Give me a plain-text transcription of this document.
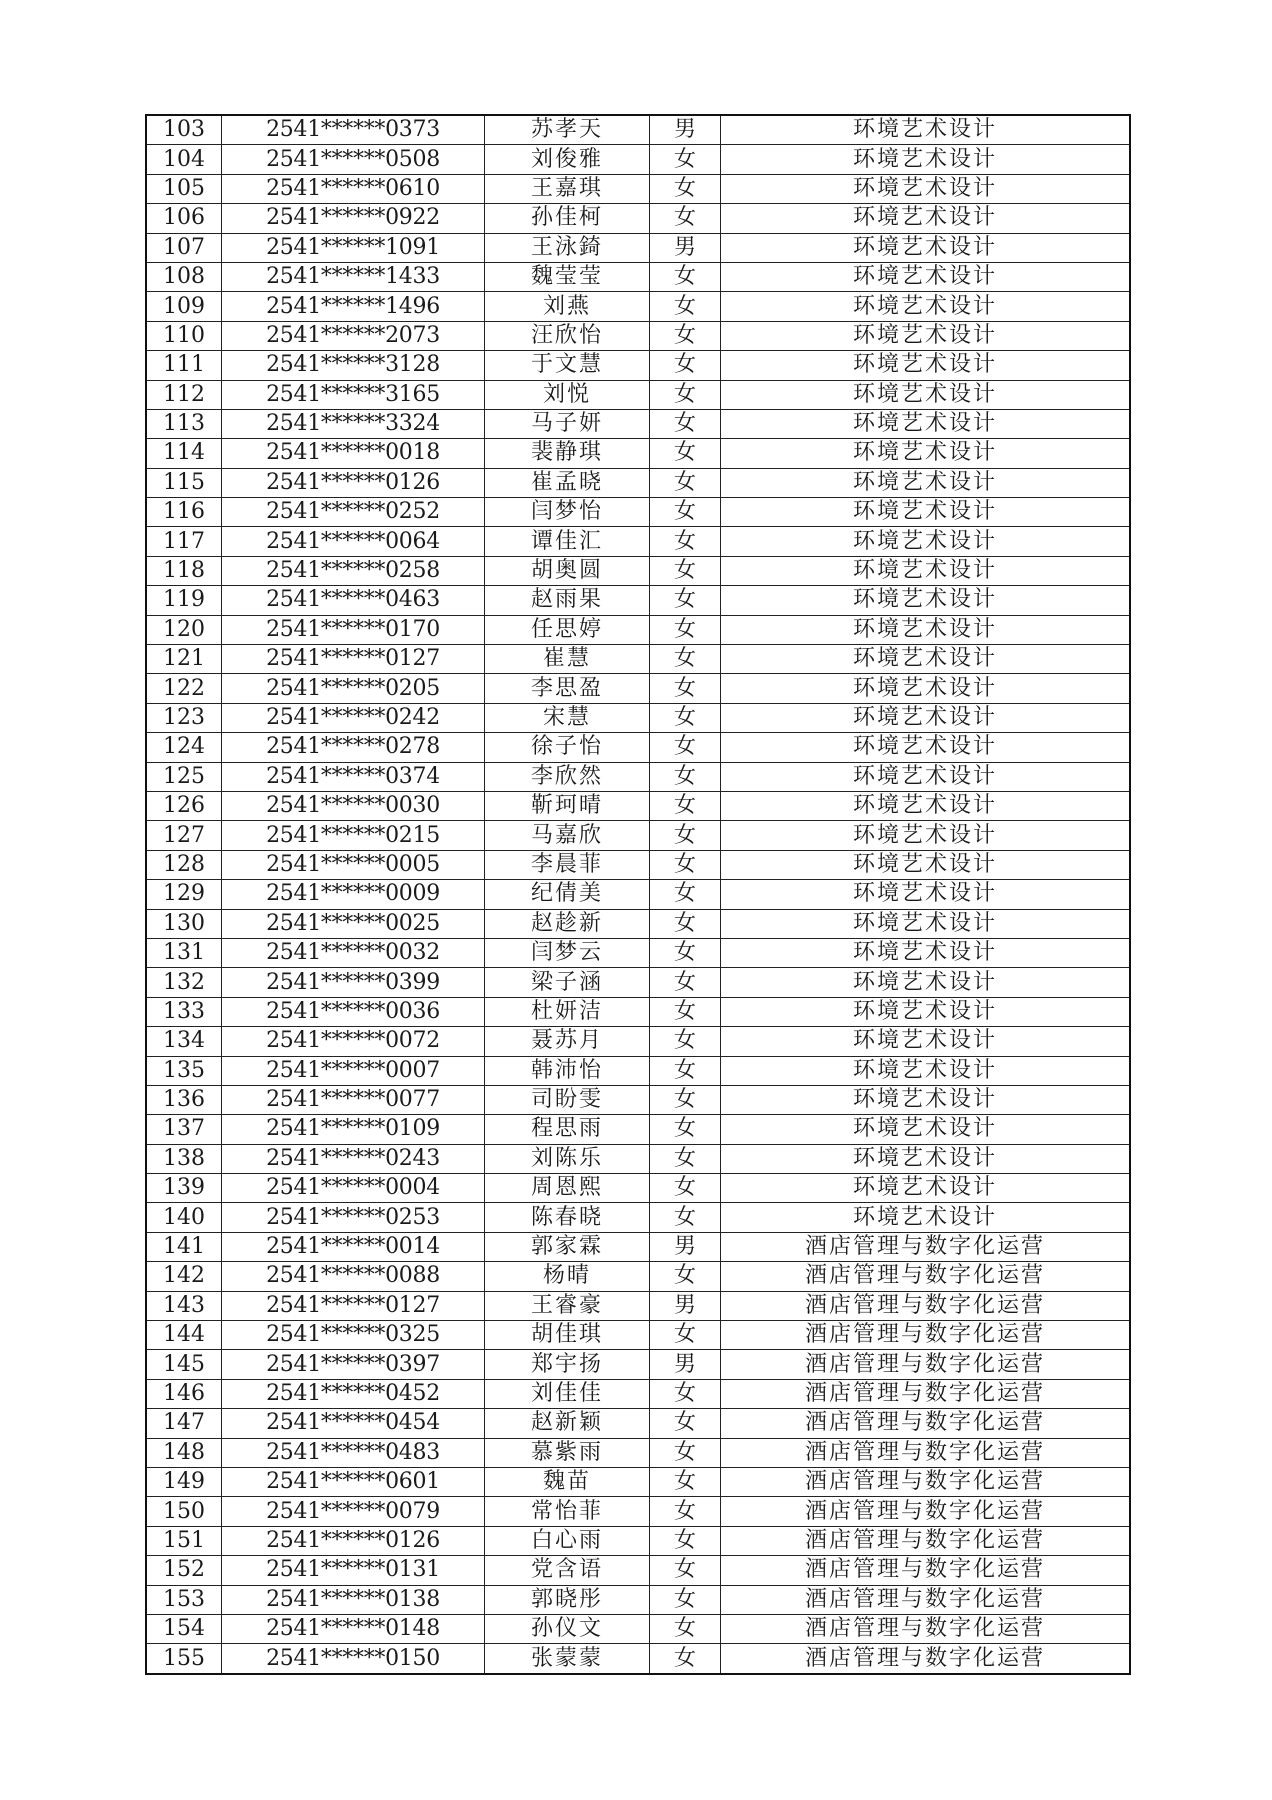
103	2541******0373	苏孝天	男	环境艺术设计
104	2541******0508	刘俊雅	女	环境艺术设计
105	2541******0610	王嘉琪	女	环境艺术设计
106	2541******0922	孙佳柯	女	环境艺术设计
107	2541******1091	王泳錡	男	环境艺术设计
108	2541******1433	魏莹莹	女	环境艺术设计
109	2541******1496	刘燕	女	环境艺术设计
110	2541******2073	汪欣怡	女	环境艺术设计
111	2541******3128	于文慧	女	环境艺术设计
112	2541******3165	刘悦	女	环境艺术设计
113	2541******3324	马子妍	女	环境艺术设计
114	2541******0018	裴静琪	女	环境艺术设计
115	2541******0126	崔孟晓	女	环境艺术设计
116	2541******0252	闫梦怡	女	环境艺术设计
117	2541******0064	谭佳汇	女	环境艺术设计
118	2541******0258	胡奥圆	女	环境艺术设计
119	2541******0463	赵雨果	女	环境艺术设计
120	2541******0170	任思婷	女	环境艺术设计
121	2541******0127	崔慧	女	环境艺术设计
122	2541******0205	李思盈	女	环境艺术设计
123	2541******0242	宋慧	女	环境艺术设计
124	2541******0278	徐子怡	女	环境艺术设计
125	2541******0374	李欣然	女	环境艺术设计
126	2541******0030	靳珂晴	女	环境艺术设计
127	2541******0215	马嘉欣	女	环境艺术设计
128	2541******0005	李晨菲	女	环境艺术设计
129	2541******0009	纪倩美	女	环境艺术设计
130	2541******0025	赵趁新	女	环境艺术设计
131	2541******0032	闫梦云	女	环境艺术设计
132	2541******0399	梁子涵	女	环境艺术设计
133	2541******0036	杜妍洁	女	环境艺术设计
134	2541******0072	聂苏月	女	环境艺术设计
135	2541******0007	韩沛怡	女	环境艺术设计
136	2541******0077	司盼雯	女	环境艺术设计
137	2541******0109	程思雨	女	环境艺术设计
138	2541******0243	刘陈乐	女	环境艺术设计
139	2541******0004	周恩熙	女	环境艺术设计
140	2541******0253	陈春晓	女	环境艺术设计
141	2541******0014	郭家霖	男	酒店管理与数字化运营
142	2541******0088	杨晴	女	酒店管理与数字化运营
143	2541******0127	王睿豪	男	酒店管理与数字化运营
144	2541******0325	胡佳琪	女	酒店管理与数字化运营
145	2541******0397	郑宇扬	男	酒店管理与数字化运营
146	2541******0452	刘佳佳	女	酒店管理与数字化运营
147	2541******0454	赵新颖	女	酒店管理与数字化运营
148	2541******0483	慕紫雨	女	酒店管理与数字化运营
149	2541******0601	魏苗	女	酒店管理与数字化运营
150	2541******0079	常怡菲	女	酒店管理与数字化运营
151	2541******0126	白心雨	女	酒店管理与数字化运营
152	2541******0131	党含语	女	酒店管理与数字化运营
153	2541******0138	郭晓彤	女	酒店管理与数字化运营
154	2541******0148	孙仪文	女	酒店管理与数字化运营
155	2541******0150	张蒙蒙	女	酒店管理与数字化运营
